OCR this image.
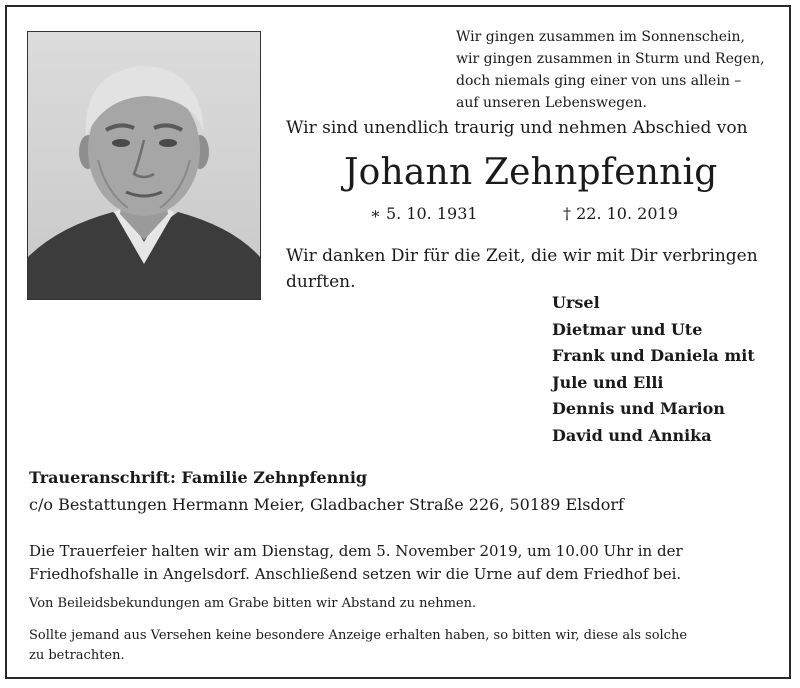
Wir gingen zusammen im Sonnenschein,
wir gingen zusammen in Sturm und Regen,
doch niemals ging einer von uns allein –
auf unseren Lebenswegen.
Wir sind unendlich traurig und nehmen Abschied von
Johann Zehnpfennig
∗ 5. 10. 1931	† 22. 10. 2019
Wir danken Dir für die Zeit, die wir mit Dir verbringen durften.
Ursel
Dietmar und Ute
Frank und Daniela mit
Jule und Elli
Dennis und Marion
David und Annika
Traueranschrift: Familie Zehnpfennig
c/o Bestattungen Hermann Meier, Gladbacher Straße 226, 50189 Elsdorf
Die Trauerfeier halten wir am Dienstag, dem 5. November 2019, um 10.00 Uhr in der
Friedhofshalle in Angelsdorf. Anschließend setzen wir die Urne auf dem Friedhof bei.
Von Beileidsbekundungen am Grabe bitten wir Abstand zu nehmen.
Sollte jemand aus Versehen keine besondere Anzeige erhalten haben, so bitten wir, diese als solche
zu betrachten.
